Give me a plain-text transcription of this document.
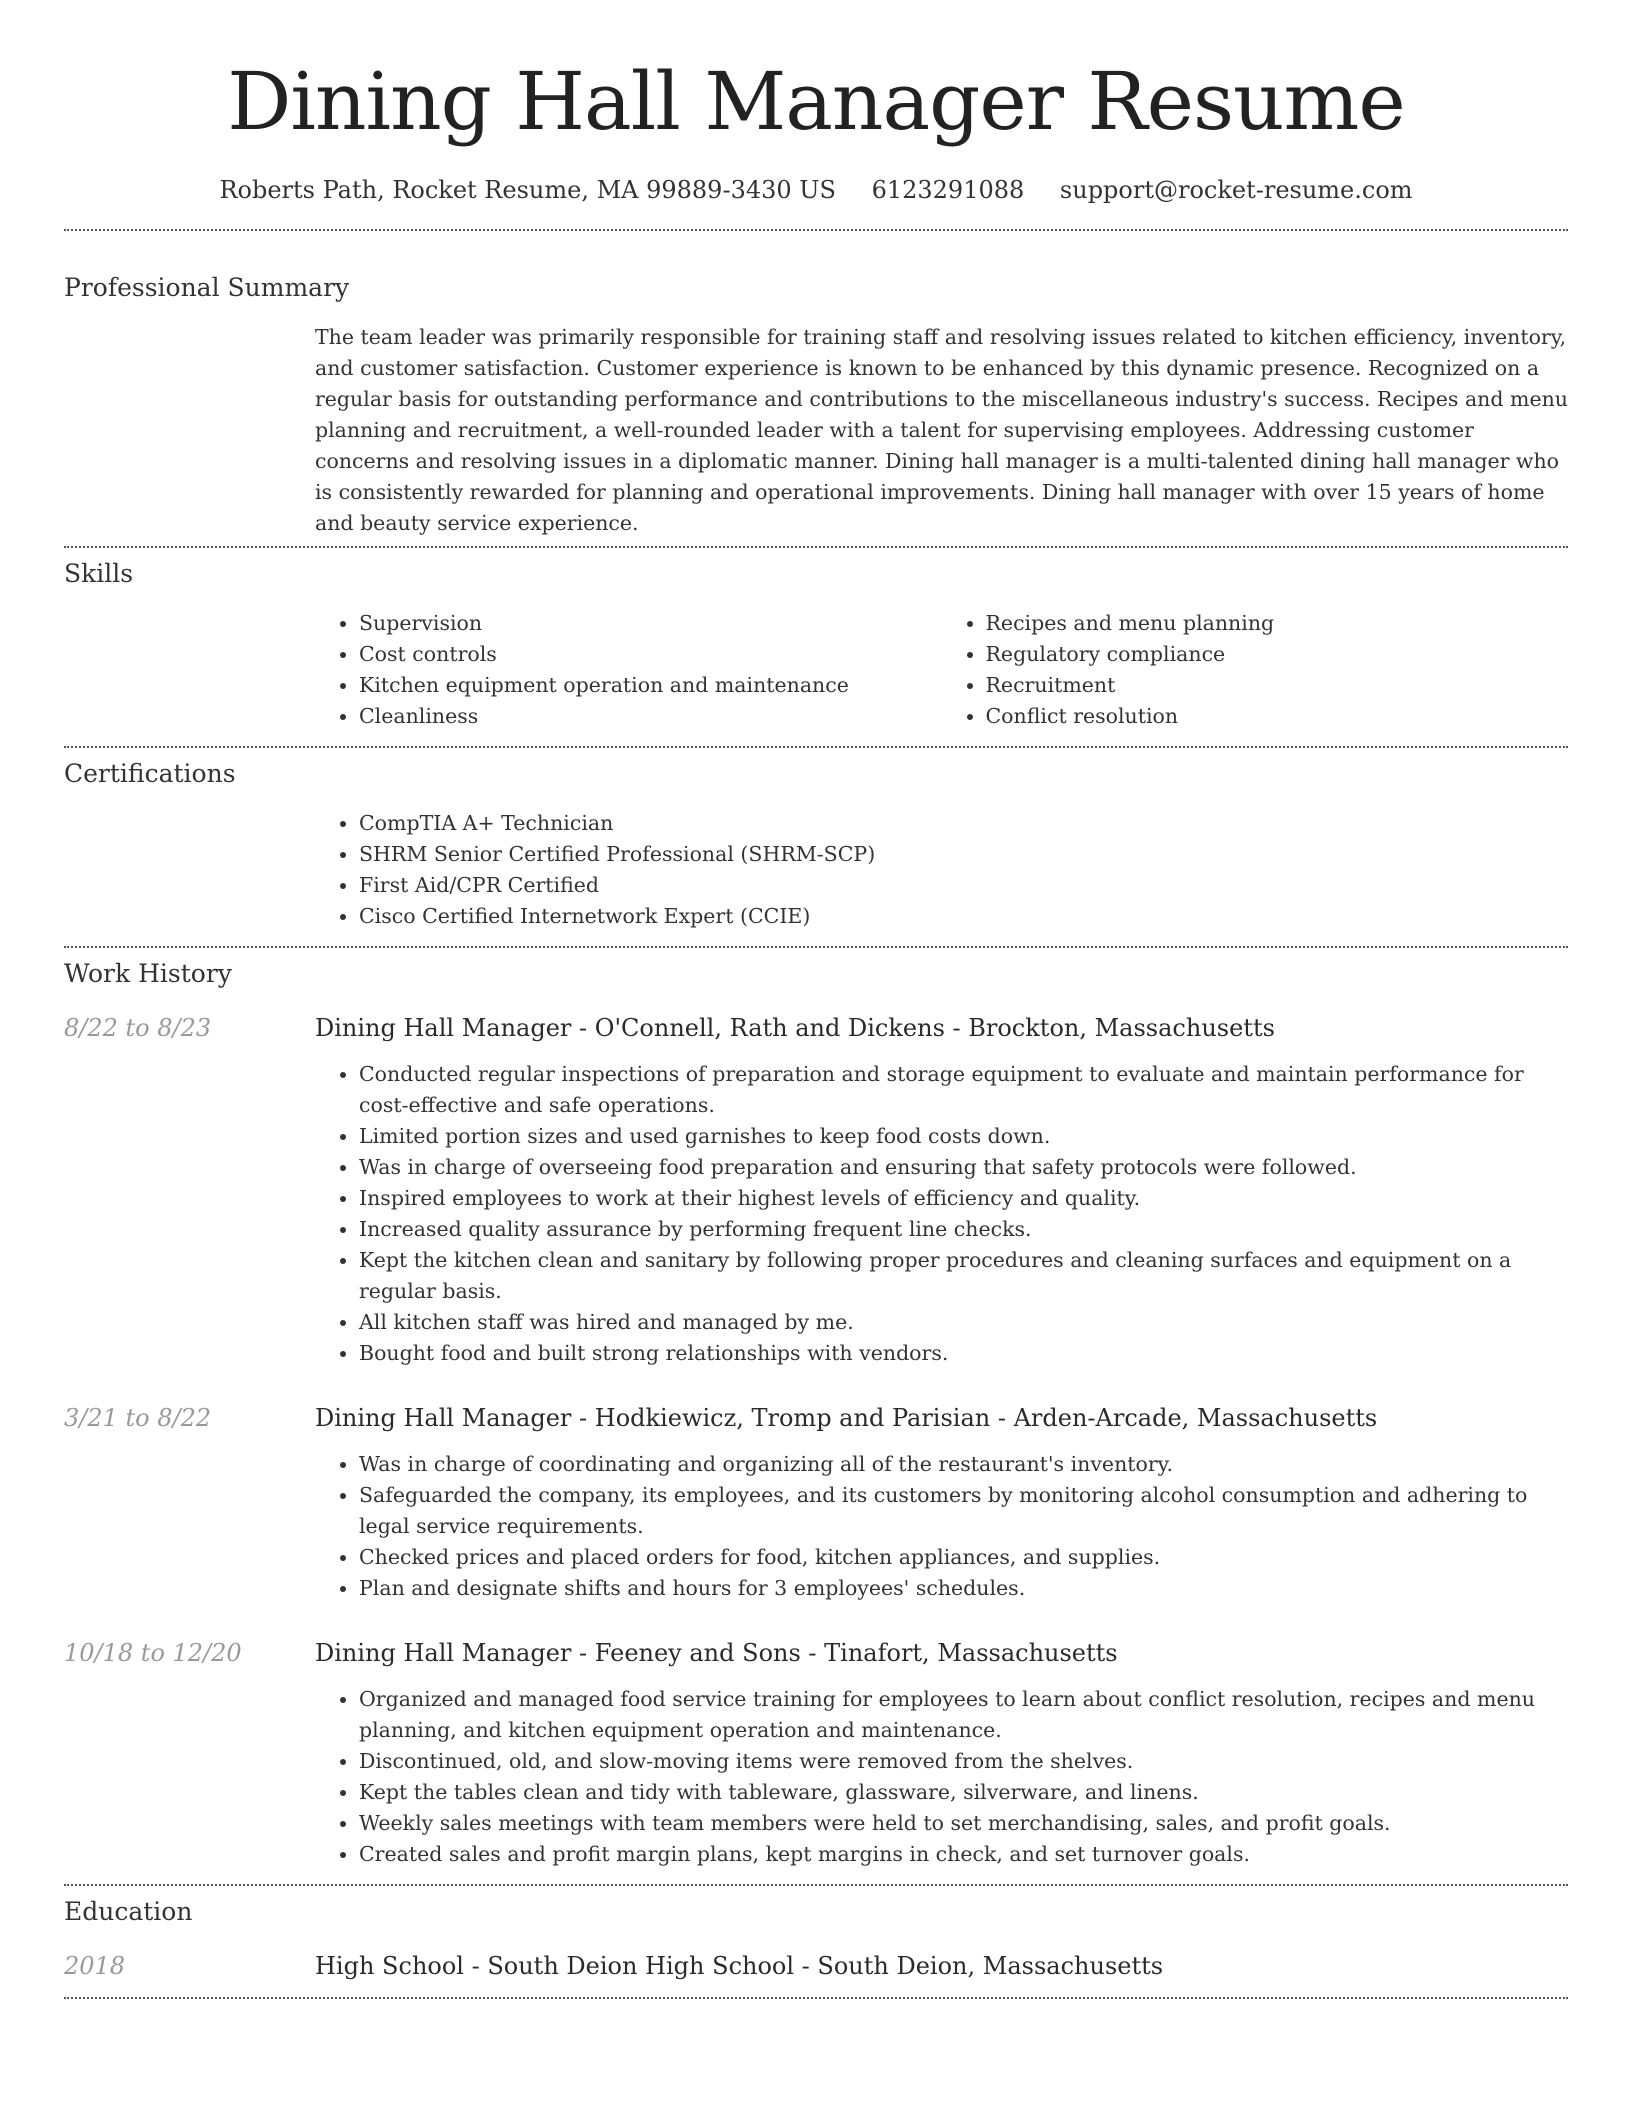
Dining Hall Manager Resume
Roberts Path, Rocket Resume, MA 99889-3430 US 6123291088 support@rocket-resume.com
Professional Summary
The team leader was primarily responsible for training staff and resolving issues related to kitchen efficiency, inventory, and customer satisfaction. Customer experience is known to be enhanced by this dynamic presence. Recognized on a regular basis for outstanding performance and contributions to the miscellaneous industry's success. Recipes and menu planning and recruitment, a well-rounded leader with a talent for supervising employees. Addressing customer concerns and resolving issues in a diplomatic manner. Dining hall manager is a multi-talented dining hall manager who is consistently rewarded for planning and operational improvements. Dining hall manager with over 15 years of home and beauty service experience.
Skills
• Supervision
• Cost controls
• Kitchen equipment operation and maintenance
• Cleanliness
• Recipes and menu planning
• Regulatory compliance
• Recruitment
• Conflict resolution
Certifications
• CompTIA A+ Technician
• SHRM Senior Certified Professional (SHRM-SCP)
• First Aid/CPR Certified
• Cisco Certified Internetwork Expert (CCIE)
Work History
8/22 to 8/23	Dining Hall Manager - O'Connell, Rath and Dickens - Brockton, Massachusetts
• Conducted regular inspections of preparation and storage equipment to evaluate and maintain performance for cost-effective and safe operations.
• Limited portion sizes and used garnishes to keep food costs down.
• Was in charge of overseeing food preparation and ensuring that safety protocols were followed.
• Inspired employees to work at their highest levels of efficiency and quality.
• Increased quality assurance by performing frequent line checks.
• Kept the kitchen clean and sanitary by following proper procedures and cleaning surfaces and equipment on a regular basis.
• All kitchen staff was hired and managed by me.
• Bought food and built strong relationships with vendors.
3/21 to 8/22	Dining Hall Manager - Hodkiewicz, Tromp and Parisian - Arden-Arcade, Massachusetts
• Was in charge of coordinating and organizing all of the restaurant's inventory.
• Safeguarded the company, its employees, and its customers by monitoring alcohol consumption and adhering to legal service requirements.
• Checked prices and placed orders for food, kitchen appliances, and supplies.
• Plan and designate shifts and hours for 3 employees' schedules.
10/18 to 12/20	Dining Hall Manager - Feeney and Sons - Tinafort, Massachusetts
• Organized and managed food service training for employees to learn about conflict resolution, recipes and menu planning, and kitchen equipment operation and maintenance.
• Discontinued, old, and slow-moving items were removed from the shelves.
• Kept the tables clean and tidy with tableware, glassware, silverware, and linens.
• Weekly sales meetings with team members were held to set merchandising, sales, and profit goals.
• Created sales and profit margin plans, kept margins in check, and set turnover goals.
Education
2018	High School - South Deion High School - South Deion, Massachusetts
